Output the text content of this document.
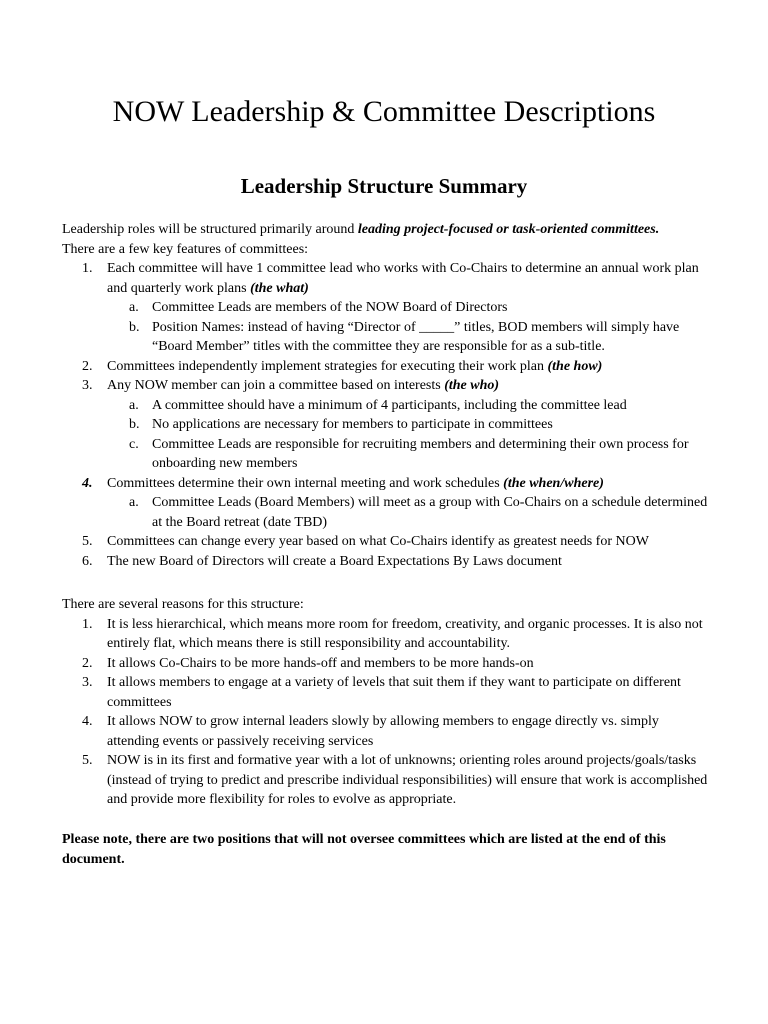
NOW Leadership & Committee Descriptions
Leadership Structure Summary
Leadership roles will be structured primarily around leading project-focused or task-oriented committees.
There are a few key features of committees:
1.	Each committee will have 1 committee lead who works with Co-Chairs to determine an annual work plan and quarterly work plans (the what)
a. Committee Leads are members of the NOW Board of Directors
b. Position Names: instead of having “Director of _____” titles, BOD members will simply have “Board Member” titles with the committee they are responsible for as a sub-title.
2.	Committees independently implement strategies for executing their work plan (the how)
3.	Any NOW member can join a committee based on interests (the who)
a. A committee should have a minimum of 4 participants, including the committee lead
b. No applications are necessary for members to participate in committees
c. Committee Leads are responsible for recruiting members and determining their own process for onboarding new members
4.	Committees determine their own internal meeting and work schedules (the when/where)
a. Committee Leads (Board Members) will meet as a group with Co-Chairs on a schedule determined at the Board retreat (date TBD)
5.	Committees can change every year based on what Co-Chairs identify as greatest needs for NOW
6.	The new Board of Directors will create a Board Expectations By Laws document
There are several reasons for this structure:
1.	It is less hierarchical, which means more room for freedom, creativity, and organic processes. It is also not entirely flat, which means there is still responsibility and accountability.
2.	It allows Co-Chairs to be more hands-off and members to be more hands-on
3.	It allows members to engage at a variety of levels that suit them if they want to participate on different committees
4.	It allows NOW to grow internal leaders slowly by allowing members to engage directly vs. simply attending events or passively receiving services
5.	NOW is in its first and formative year with a lot of unknowns; orienting roles around projects/goals/tasks (instead of trying to predict and prescribe individual responsibilities) will ensure that work is accomplished and provide more flexibility for roles to evolve as appropriate.
Please note, there are two positions that will not oversee committees which are listed at the end of this document.
